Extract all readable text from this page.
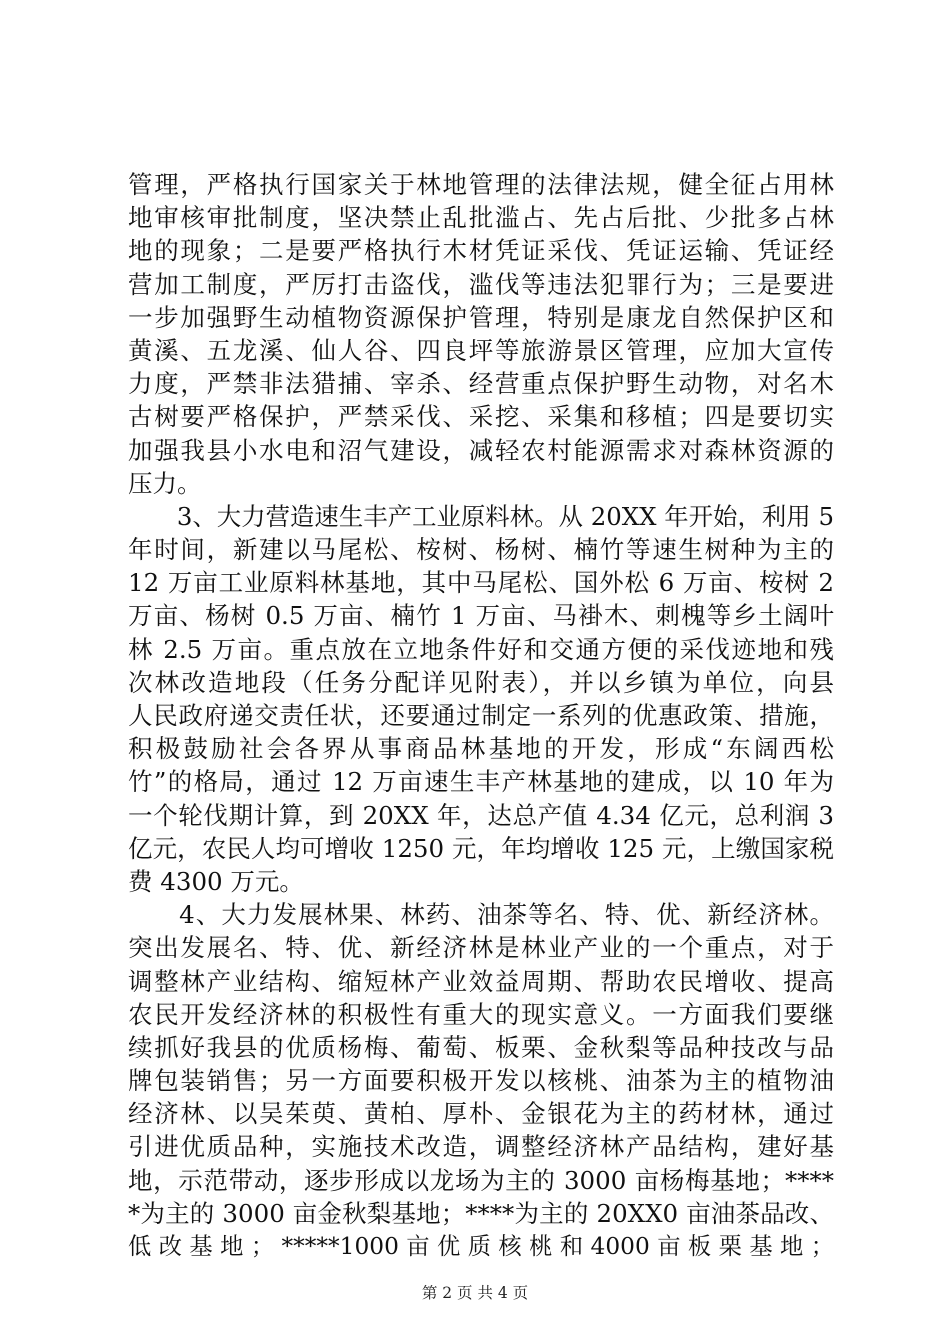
管理，严格执行国家关于林地管理的法律法规，健全征占用林
地审核审批制度，坚决禁止乱批滥占、先占后批、少批多占林
地的现象；二是要严格执行木材凭证采伐、凭证运输、凭证经
营加工制度，严厉打击盗伐，滥伐等违法犯罪行为；三是要进
一步加强野生动植物资源保护管理，特别是康龙自然保护区和
黄溪、五龙溪、仙人谷、四良坪等旅游景区管理，应加大宣传
力度，严禁非法猎捕、宰杀、经营重点保护野生动物，对名木
古树要严格保护，严禁采伐、采挖、采集和移植；四是要切实
加强我县小水电和沼气建设，减轻农村能源需求对森林资源的
压力。
　　3、大力营造速生丰产工业原料林。从 20XX 年开始，利用 5
年时间，新建以马尾松、桉树、杨树、楠竹等速生树种为主的
12 万亩工业原料林基地，其中马尾松、国外松 6 万亩、桉树 2
万亩、杨树 0.5 万亩、楠竹 1 万亩、马褂木、刺槐等乡土阔叶
林 2.5 万亩。重点放在立地条件好和交通方便的采伐迹地和残
次林改造地段（任务分配详见附表），并以乡镇为单位，向县
人民政府递交责任状，还要通过制定一系列的优惠政策、措施，
积极鼓励社会各界从事商品林基地的开发，形成“东阔西松
竹”的格局，通过 12 万亩速生丰产林基地的建成，以 10 年为
一个轮伐期计算，到 20XX 年，达总产值 4.34 亿元，总利润 3
亿元，农民人均可增收 1250 元，年均增收 125 元，上缴国家税
费 4300 万元。
　　4、大力发展林果、林药、油茶等名、特、优、新经济林。
突出发展名、特、优、新经济林是林业产业的一个重点，对于
调整林产业结构、缩短林产业效益周期、帮助农民增收、提高
农民开发经济林的积极性有重大的现实意义。一方面我们要继
续抓好我县的优质杨梅、葡萄、板栗、金秋梨等品种技改与品
牌包装销售；另一方面要积极开发以核桃、油茶为主的植物油
经济林、以吴茱萸、黄柏、厚朴、金银花为主的药材林，通过
引进优质品种，实施技术改造，调整经济林产品结构，建好基
地，示范带动，逐步形成以龙场为主的 3000 亩杨梅基地；****
*为主的 3000 亩金秋梨基地；****为主的 20XX0 亩油茶品改、
低 改 基 地 ； *****1000 亩 优 质 核 桃 和 4000 亩 板 栗 基 地 ；
第 2 页 共 4 页
